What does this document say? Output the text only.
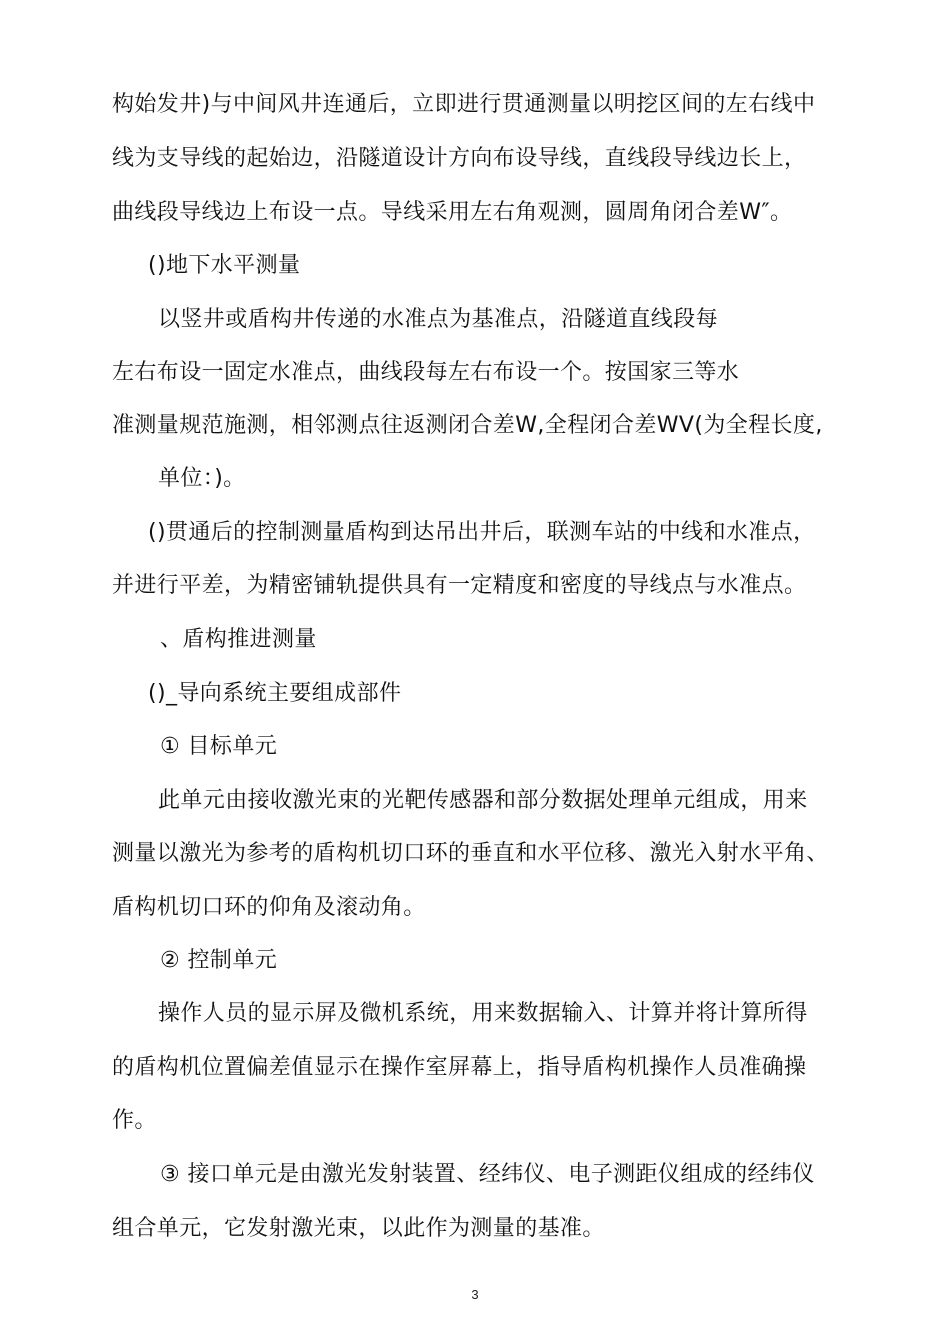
构始发井)与中间风井连通后，立即进行贯通测量以明挖区间的左右线中
线为支导线的起始边，沿隧道设计方向布设导线，直线段导线边长上，
曲线段导线边上布设一点。导线采用左右角观测，圆周角闭合差W″。
()地下水平测量
以竖井或盾构井传递的水准点为基准点，沿隧道直线段每
左右布设一固定水准点，曲线段每左右布设一个。按国家三等水
准测量规范施测，相邻测点往返测闭合差W,全程闭合差WV(为全程长度,
单位：)。
()贯通后的控制测量盾构到达吊出井后，联测车站的中线和水准点，
并进行平差，为精密铺轨提供具有一定精度和密度的导线点与水准点。
、盾构推进测量
()_导向系统主要组成部件
① 目标单元
此单元由接收激光束的光靶传感器和部分数据处理单元组成，用来
测量以激光为参考的盾构机切口环的垂直和水平位移、激光入射水平角、
盾构机切口环的仰角及滚动角。
② 控制单元
操作人员的显示屏及微机系统，用来数据输入、计算并将计算所得
的盾构机位置偏差值显示在操作室屏幕上，指导盾构机操作人员准确操
作。
③ 接口单元是由激光发射装置、经纬仪、电子测距仪组成的经纬仪
组合单元，它发射激光束，以此作为测量的基准。
3
